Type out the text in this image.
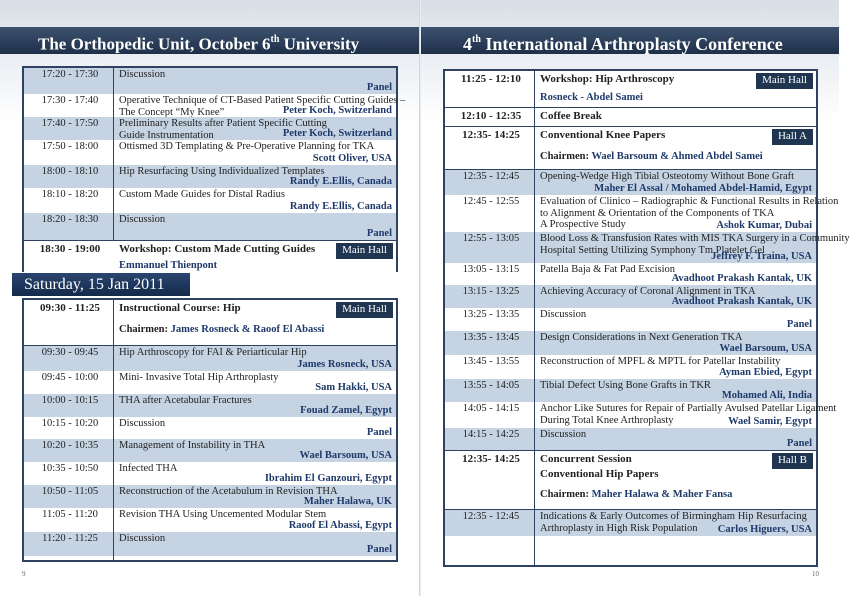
The Orthopedic Unit, October 6th University	4th International Arthroplasty Conference
17:20 - 17:30	Discussion
Panel
17:30 - 17:40	Operative Technique of CT-Based Patient Specific Cutting Guides –
The Concept “My Knee”	Peter Koch, Switzerland
17:40 - 17:50	Preliminary Results after Patient Specific Cutting
Guide Instrumentation	Peter Koch, Switzerland
17:50 - 18:00	Ottismed 3D Templating & Pre-Operative Planning for TKA
Scott Oliver, USA
18:00 - 18:10	Hip Resurfacing Using Individualized Templates
Randy E.Ellis, Canada
18:10 - 18:20	Custom Made Guides for Distal Radius
Randy E.Ellis, Canada
18:20 - 18:30	Discussion
Panel
18:30 - 19:00	Workshop: Custom Made Cutting Guides	Main Hall
Emmanuel Thienpont
Saturday, 15 Jan 2011
09:30 - 11:25	Instructional Course: Hip	Main Hall
Chairmen: James Rosneck & Raoof El Abassi
09:30 - 09:45	Hip Arthroscopy for FAI & Periarticular Hip
James Rosneck, USA
09:45 - 10:00	Mini- Invasive Total Hip Arthroplasty
Sam Hakki, USA
10:00 - 10:15	THA after Acetabular Fractures
Fouad Zamel, Egypt
10:15 - 10:20	Discussion
Panel
10:20 - 10:35	Management of Instability in THA
Wael Barsoum, USA
10:35 - 10:50	Infected THA
Ibrahim El Ganzouri, Egypt
10:50 - 11:05	Reconstruction of the Acetabulum in Revision THA
Maher Halawa, UK
11:05 - 11:20	Revision THA Using Uncemented Modular Stem
Raoof El Abassi, Egypt
11:20 - 11:25	Discussion
Panel
11:25 - 12:10	Workshop: Hip Arthroscopy	Main Hall
Rosneck - Abdel Samei
12:10 - 12:35	Coffee Break
12:35- 14:25	Conventional Knee Papers	Hall A
Chairmen: Wael Barsoum & Ahmed Abdel Samei
12:35 - 12:45	Opening-Wedge High Tibial Osteotomy Without Bone Graft
Maher El Assal / Mohamed Abdel-Hamid, Egypt
12:45 - 12:55	Evaluation of Clinico – Radiographic & Functional Results in Relation
to Alignment & Orientation of the Components of TKA
A Prospective Study	Ashok Kumar, Dubai
12:55 - 13:05	Blood Loss & Transfusion Rates with MIS TKA Surgery in a Community
Hospital Setting Utilizing Symphony Tm Platelet Gel
Jeffrey F. Traina, USA
13:05 - 13:15	Patella Baja & Fat Pad Excision
Avadhoot Prakash Kantak, UK
13:15 - 13:25	Achieving Accuracy of Coronal Alignment in TKA
Avadhoot Prakash Kantak, UK
13:25 - 13:35	Discussion
Panel
13:35 - 13:45	Design Considerations in Next Generation TKA
Wael Barsoum, USA
13:45 - 13:55	Reconstruction of MPFL & MPTL for Patellar Instability
Ayman Ebied, Egypt
13:55 - 14:05	Tibial Defect Using Bone Grafts in TKR
Mohamed Ali, India
14:05 - 14:15	Anchor Like Sutures for Repair of Partially Avulsed Patellar Ligament
During Total Knee Arthroplasty	Wael Samir, Egypt
14:15 - 14:25	Discussion
Panel
12:35- 14:25	Concurrent Session	Hall B
Conventional Hip Papers
Chairmen: Maher Halawa & Maher Fansa
12:35 - 12:45	Indications & Early Outcomes of Birmingham Hip Resurfacing
Arthroplasty in High Risk Population	Carlos Higuers, USA
9	10
